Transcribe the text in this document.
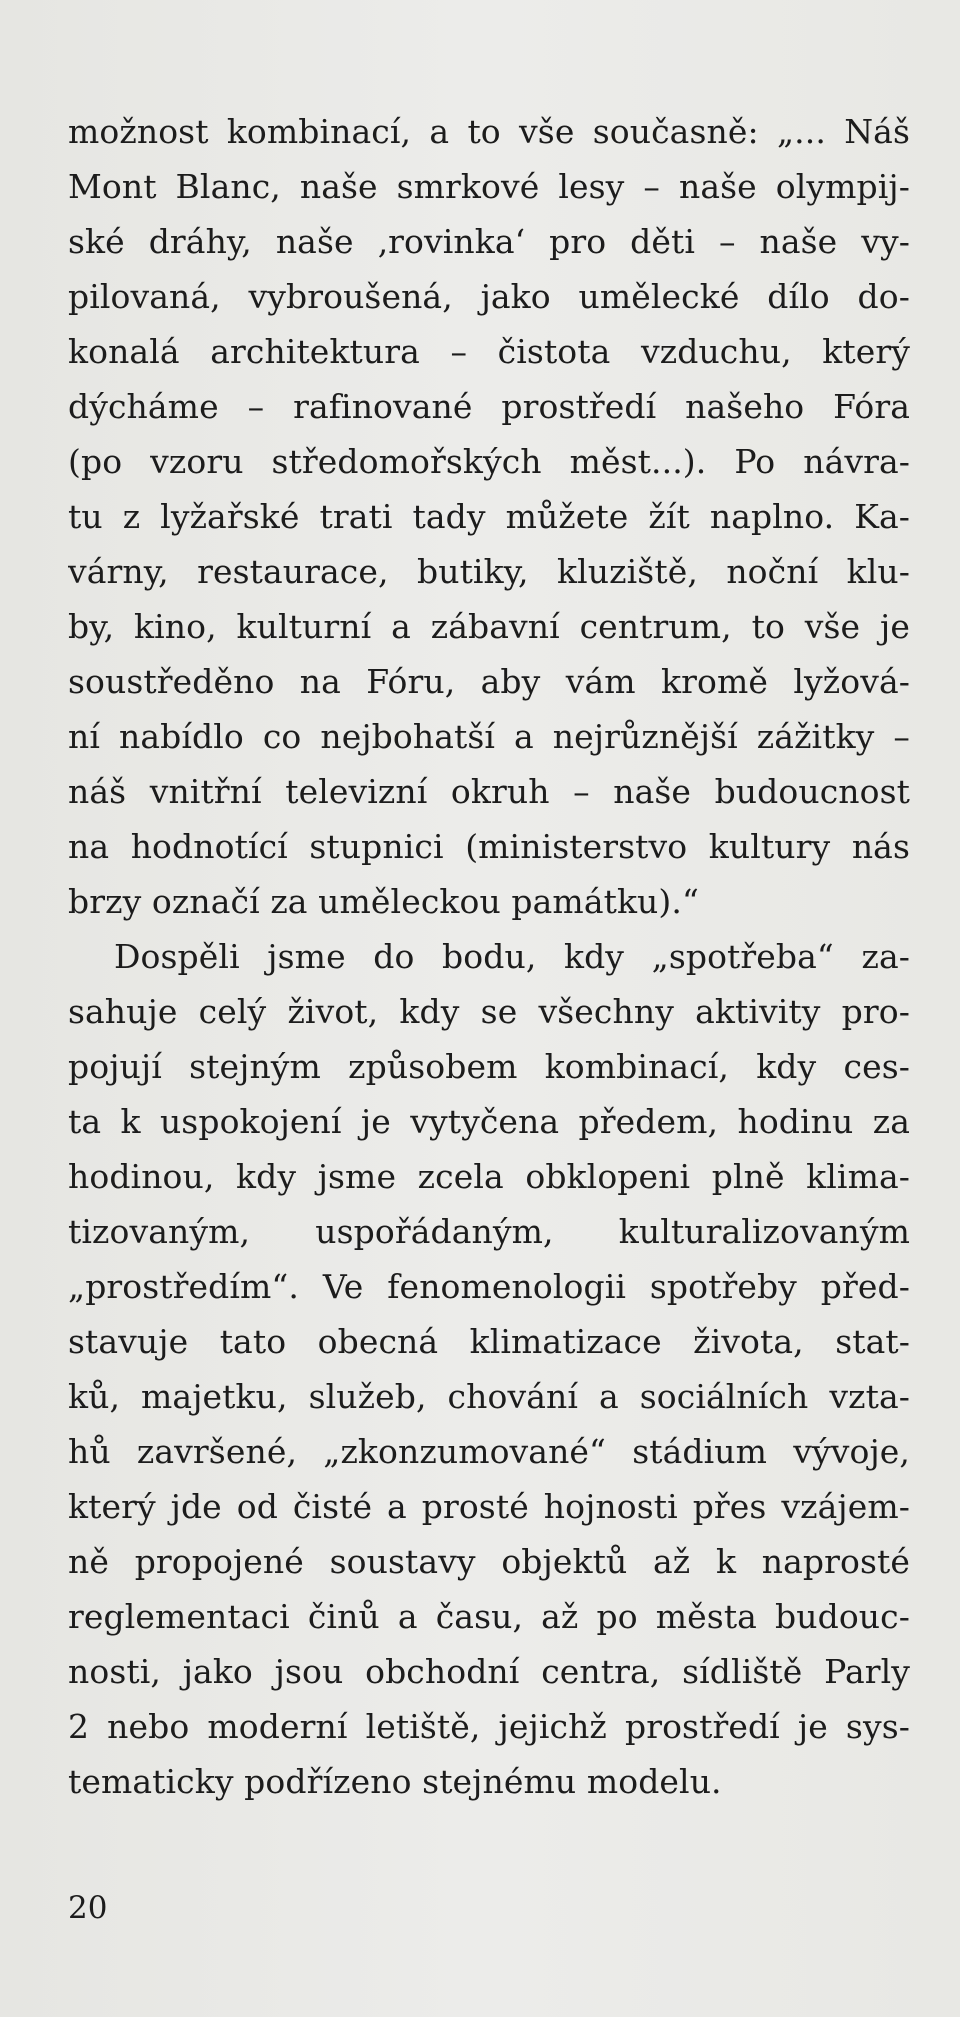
možnost kombinací, a to vše současně: „... Náš
Mont Blanc, naše smrkové lesy – naše olympij-
ské dráhy, naše ‚rovinka‘ pro děti – naše vy-
pilovaná, vybroušená, jako umělecké dílo do-
konalá architektura – čistota vzduchu, který
dýcháme – rafinované prostředí našeho Fóra
(po vzoru středomořských měst...). Po návra-
tu z lyžařské trati tady můžete žít naplno. Ka-
várny, restaurace, butiky, kluziště, noční klu-
by, kino, kulturní a zábavní centrum, to vše je
soustředěno na Fóru, aby vám kromě lyžová-
ní nabídlo co nejbohatší a nejrůznější zážitky –
náš vnitřní televizní okruh – naše budoucnost
na hodnotící stupnici (ministerstvo kultury nás
brzy označí za uměleckou památku).“
Dospěli jsme do bodu, kdy „spotřeba“ za-
sahuje celý život, kdy se všechny aktivity pro-
pojují stejným způsobem kombinací, kdy ces-
ta k uspokojení je vytyčena předem, hodinu za
hodinou, kdy jsme zcela obklopeni plně klima-
tizovaným, uspořádaným, kulturalizovaným
„prostředím“. Ve fenomenologii spotřeby před-
stavuje tato obecná klimatizace života, stat-
ků, majetku, služeb, chování a sociálních vzta-
hů završené, „zkonzumované“ stádium vývoje,
který jde od čisté a prosté hojnosti přes vzájem-
ně propojené soustavy objektů až k naprosté
reglementaci činů a času, až po města budouc-
nosti, jako jsou obchodní centra, sídliště Parly
2 nebo moderní letiště, jejichž prostředí je sys-
tematicky podřízeno stejnému modelu.
20
